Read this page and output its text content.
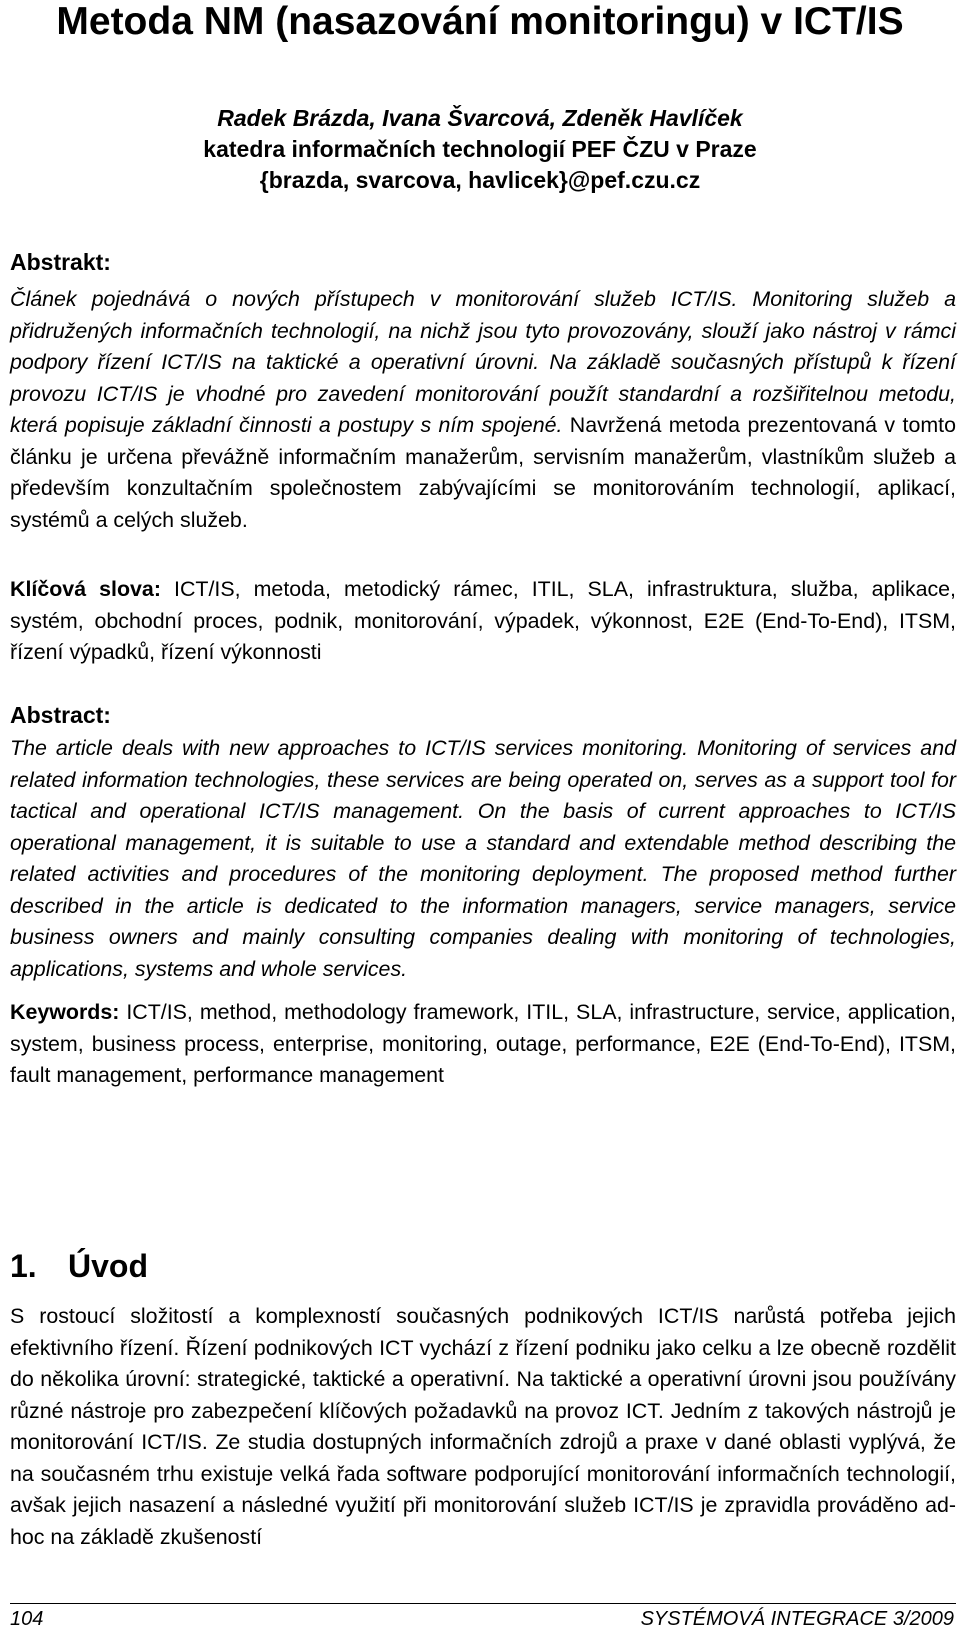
Metoda NM (nasazování monitoringu) v ICT/IS
Radek Brázda, Ivana Švarcová, Zdeněk Havlíček
katedra informačních technologií PEF ČZU v Praze
{brazda, svarcova, havlicek}@pef.czu.cz
Abstrakt:

Článek pojednává o nových přístupech v monitorování služeb ICT/IS. Monitoring služeb a přidružených informačních technologií, na nichž jsou tyto provozovány, slouží jako nástroj v rámci podpory řízení ICT/IS na taktické a operativní úrovni. Na základě současných přístupů k řízení provozu ICT/IS je vhodné pro zavedení monitorování použít standardní a rozšiřitelnou metodu, která popisuje základní činnosti a postupy s ním spojené. Navržená metoda prezentovaná v tomto článku je určena převážně informačním manažerům, servisním manažerům, vlastníkům služeb a především konzultačním společnostem zabývajícími se monitorováním technologií, aplikací, systémů a celých služeb.

Klíčová slova: ICT/IS, metoda, metodický rámec, ITIL, SLA, infrastruktura, služba, aplikace, systém, obchodní proces, podnik, monitorování, výpadek, výkonnost, E2E (End-To-End), ITSM, řízení výpadků, řízení výkonnosti

Abstract:

The article deals with new approaches to ICT/IS services monitoring. Monitoring of services and related information technologies, these services are being operated on, serves as a support tool for tactical and operational ICT/IS management. On the basis of current approaches to ICT/IS operational management, it is suitable to use a standard and extendable method describing the related activities and procedures of the monitoring deployment. The proposed method further described in the article is dedicated to the information managers, service managers, service business owners and mainly consulting companies dealing with monitoring of technologies, applications, systems and whole services.

Keywords: ICT/IS, method, methodology framework, ITIL, SLA, infrastructure, service, application, system, business process, enterprise, monitoring, outage, performance, E2E (End-To-End), ITSM, fault management, performance management

1. Úvod

S rostoucí složitostí a komplexností současných podnikových ICT/IS narůstá potřeba jejich efektivního řízení. Řízení podnikových ICT vychází z řízení podniku jako celku a lze obecně rozdělit do několika úrovní: strategické, taktické a operativní. Na taktické a operativní úrovni jsou používány různé nástroje pro zabezpečení klíčových požadavků na provoz ICT. Jedním z takových nástrojů je monitorování ICT/IS. Ze studia dostupných informačních zdrojů a praxe v dané oblasti vyplývá, že na současném trhu existuje velká řada software podporující monitorování informačních technologií, avšak jejich nasazení a následné využití při monitorování služeb ICT/IS je zpravidla prováděno ad-hoc na základě zkušeností

104	SYSTÉMOVÁ INTEGRACE 3/2009
